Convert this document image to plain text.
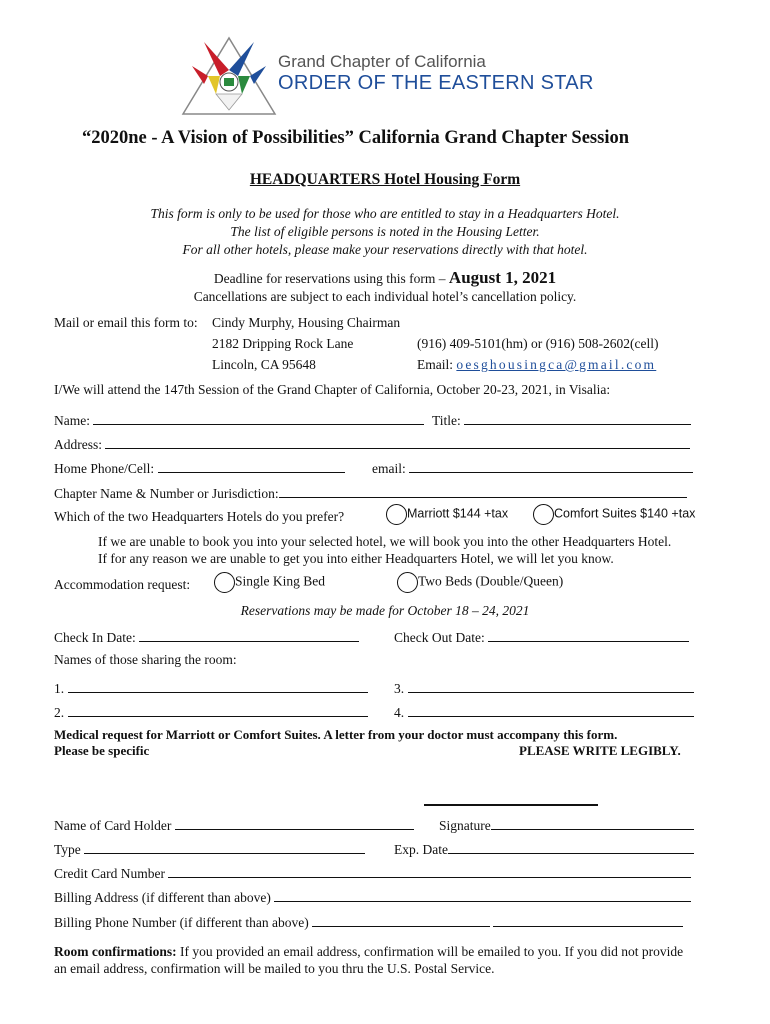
Grand Chapter of California
ORDER OF THE EASTERN STAR
“2020ne - A Vision of Possibilities” California Grand Chapter Session
HEADQUARTERS Hotel Housing Form
This form is only to be used for those who are entitled to stay in a Headquarters Hotel.
The list of eligible persons is noted in the Housing Letter.
For all other hotels, please make your reservations directly with that hotel.
Deadline for reservations using this form – August 1, 2021
Cancellations are subject to each individual hotel’s cancellation policy.
Mail or email this form to: Cindy Murphy, Housing Chairman
2182 Dripping Rock Lane	(916) 409-5101(hm) or (916) 508-2602(cell)
Lincoln, CA 95648	Email: oesghousingca@gmail.com
I/We will attend the 147th Session of the Grand Chapter of California, October 20-23, 2021, in Visalia:
Name:	Title:
Address:
Home Phone/Cell:	email:
Chapter Name & Number or Jurisdiction:
Which of the two Headquarters Hotels do you prefer?	Marriott $144 +tax	Comfort Suites $140 +tax
If we are unable to book you into your selected hotel, we will book you into the other Headquarters Hotel.
If for any reason we are unable to get you into either Headquarters Hotel, we will let you know.
Accommodation request:	Single King Bed	Two Beds (Double/Queen)
Reservations may be made for October 18 – 24, 2021
Check In Date:	Check Out Date:
Names of those sharing the room:
1.	3.
2.	4.
Medical request for Marriott or Comfort Suites. A letter from your doctor must accompany this form.
Please be specific	PLEASE WRITE LEGIBLY.
Name of Card Holder	Signature
Type	Exp. Date
Credit Card Number
Billing Address (if different than above)
Billing Phone Number (if different than above)
Room confirmations: If you provided an email address, confirmation will be emailed to you. If you did not provide
an email address, confirmation will be mailed to you thru the U.S. Postal Service.
